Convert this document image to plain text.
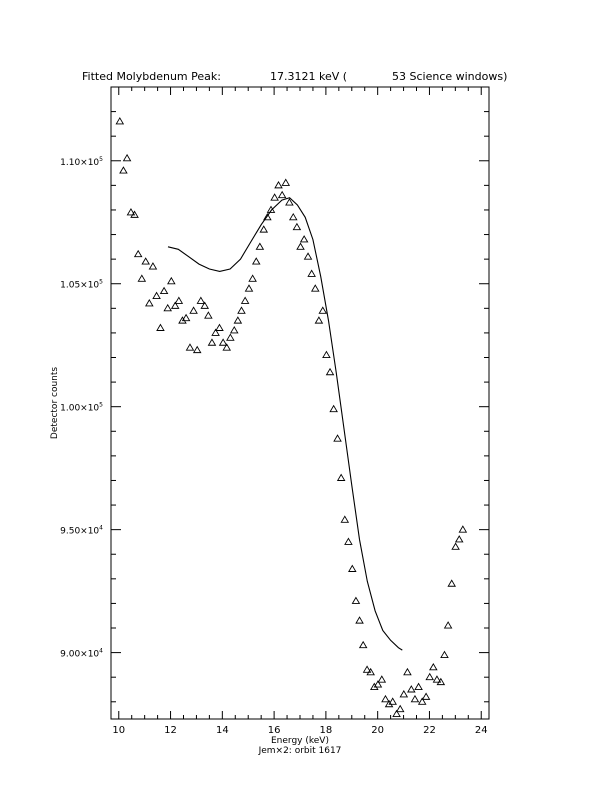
Fitted Molybdenum Peak:	17.3121 keV (	53 Science windows)
10	12	14	16	18	20	22	24
$9.00\times 10^4$
$9.50\times 10^4$
$1.00\times 10^5$
$1.05\times 10^5$
$1.10\times 10^5$
Energy (keV)
Jem×2: orbit 1617
Detector counts
